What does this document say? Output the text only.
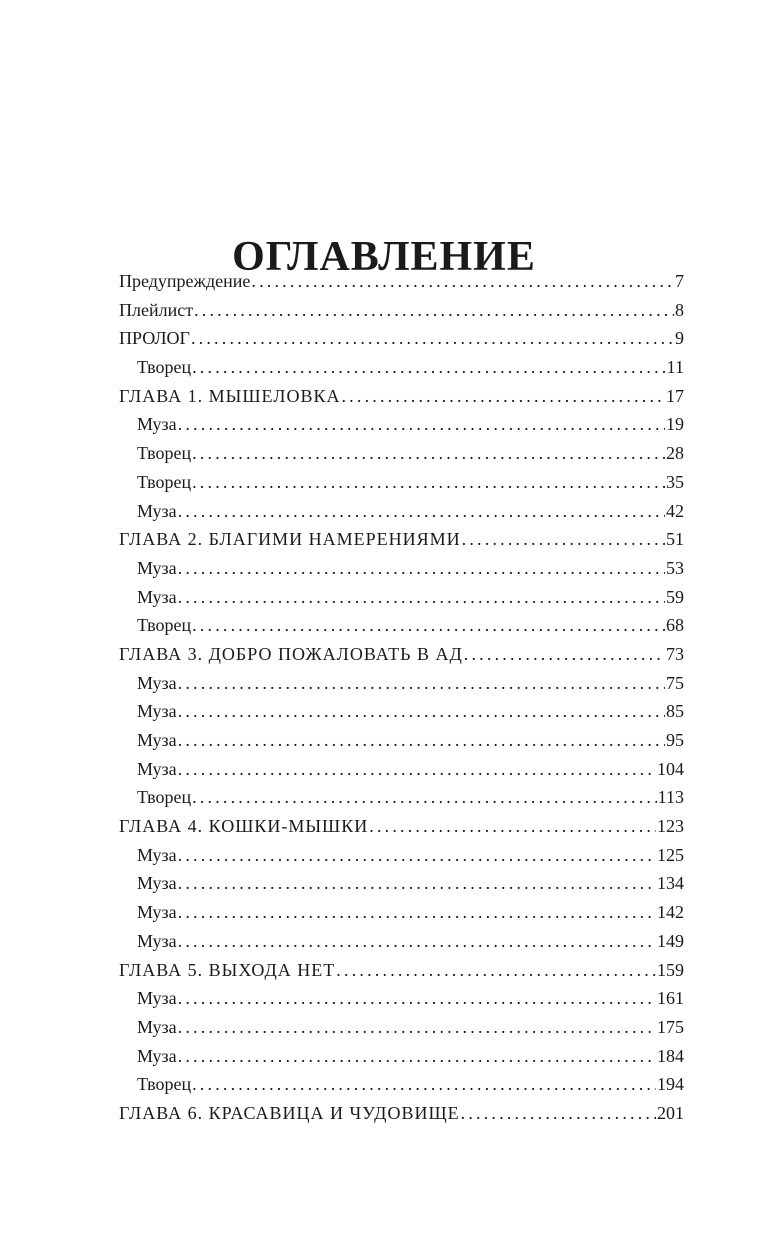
ОГЛАВЛЕНИЕ
Предупреждение .....	7
Плейлист .....	8
ПРОЛОГ .....	9
Творец .....	11
ГЛАВА 1. МЫШЕЛОВКА .....	17
Муза .....	19
Творец .....	28
Творец .....	35
Муза .....	42
ГЛАВА 2. БЛАГИМИ НАМЕРЕНИЯМИ .....	51
Муза .....	53
Муза .....	59
Творец .....	68
ГЛАВА 3. ДОБРО ПОЖАЛОВАТЬ В АД .....	73
Муза .....	75
Муза .....	85
Муза .....	95
Муза .....	104
Творец .....	113
ГЛАВА 4. КОШКИ-МЫШКИ .....	123
Муза .....	125
Муза .....	134
Муза .....	142
Муза .....	149
ГЛАВА 5. ВЫХОДА НЕТ .....	159
Муза .....	161
Муза .....	175
Муза .....	184
Творец .....	194
ГЛАВА 6. КРАСАВИЦА И ЧУДОВИЩЕ .....	201
